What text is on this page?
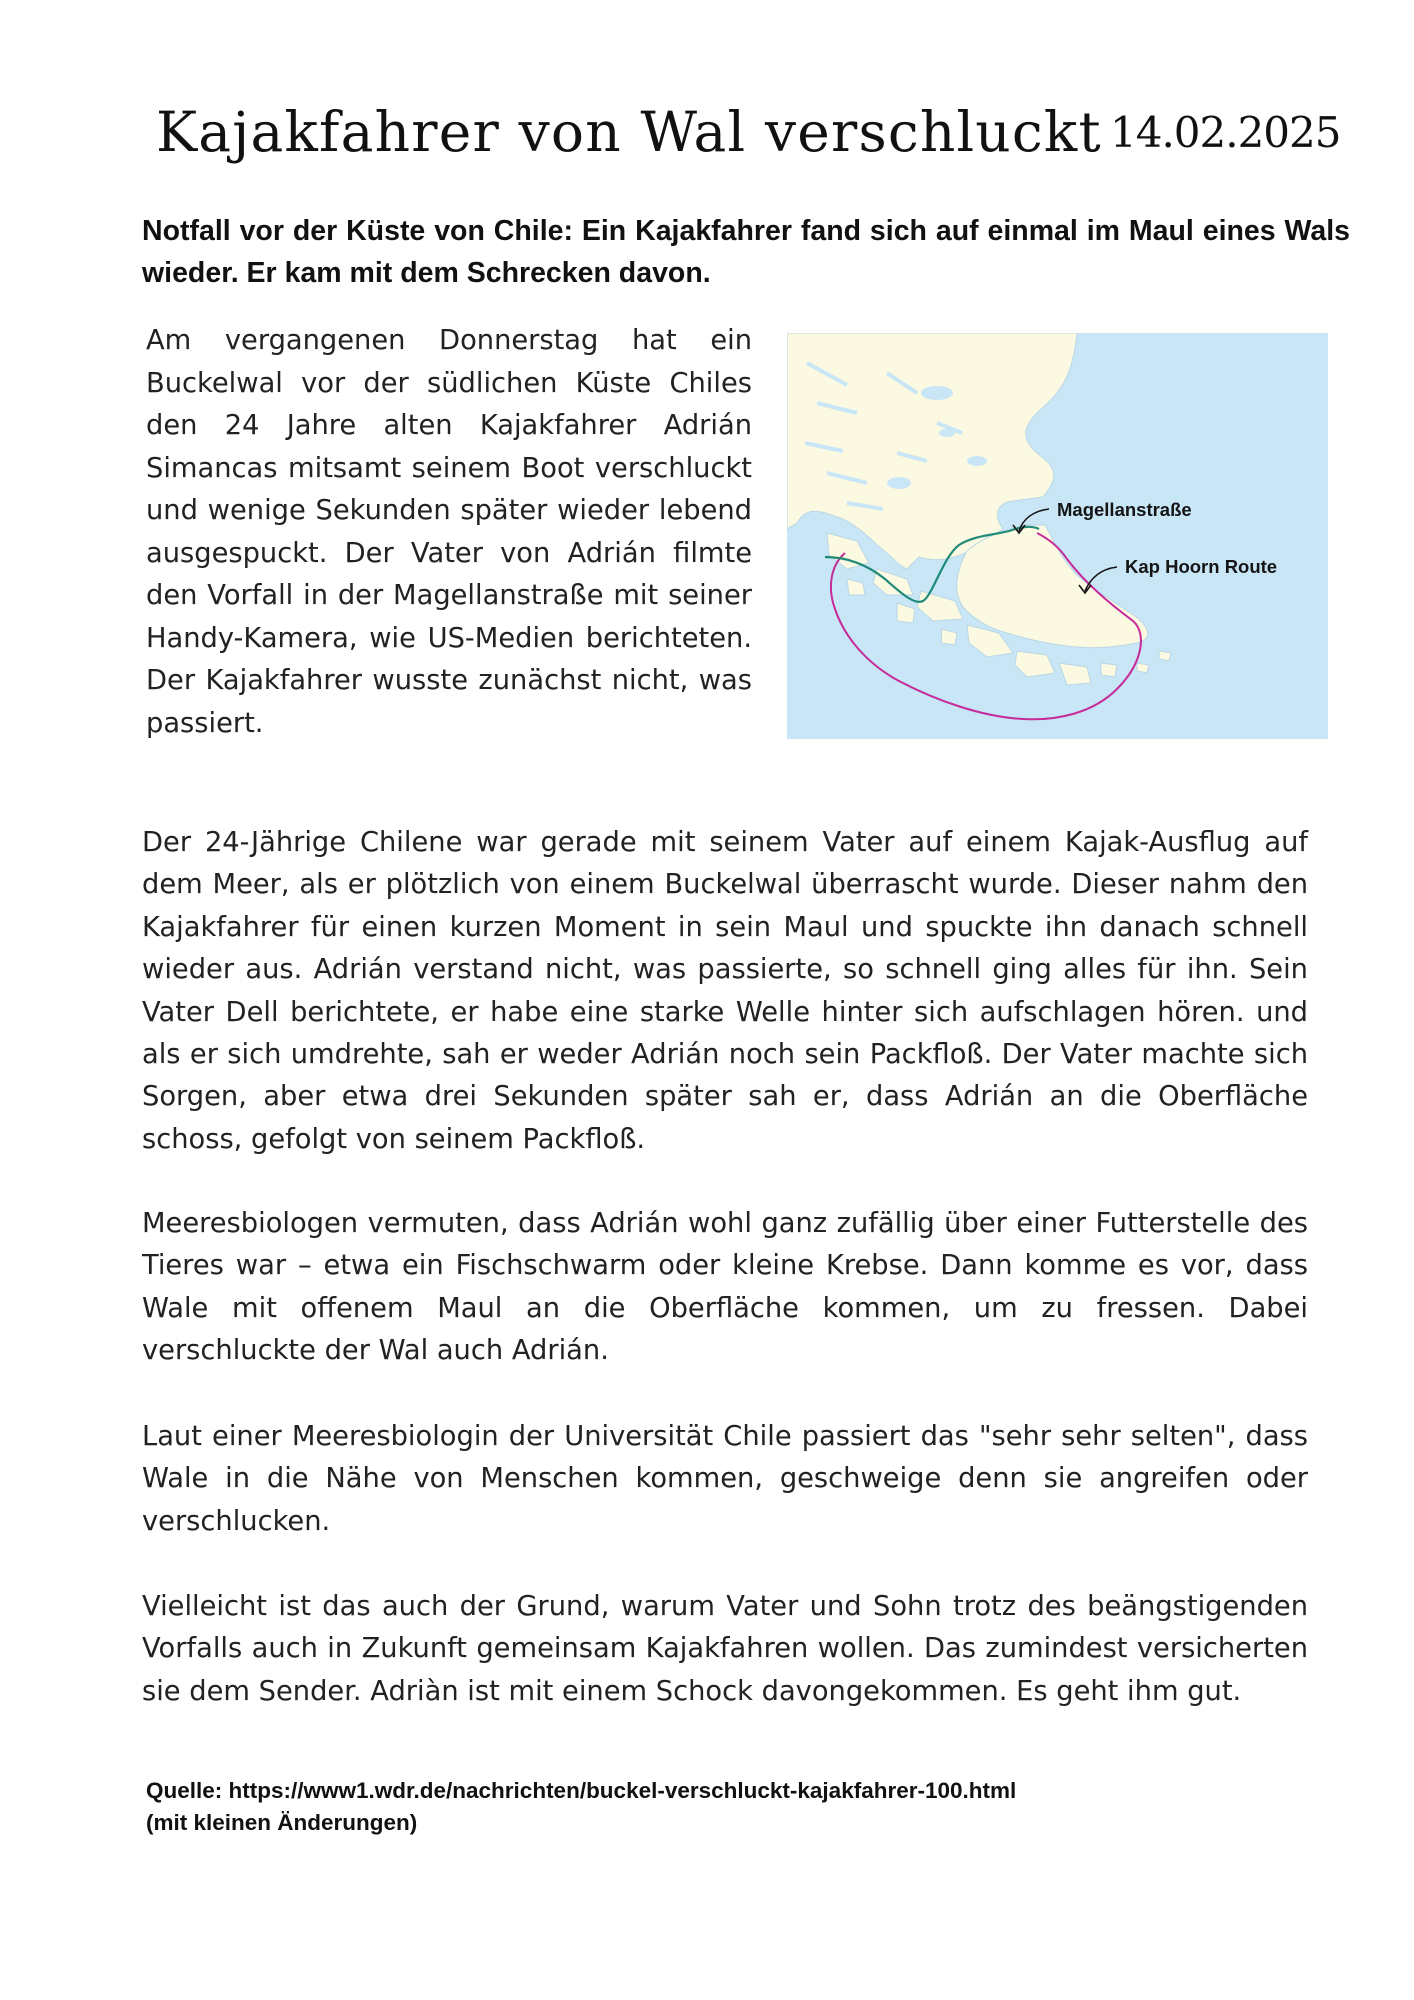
Kajakfahrer von Wal verschluckt 14.02.2025
Notfall vor der Küste von Chile: Ein Kajakfahrer fand sich auf einmal im Maul eines Wals wieder. Er kam mit dem Schrecken davon.
Am vergangenen Donnerstag hat ein Buckelwal vor der südlichen Küste Chiles den 24 Jahre alten Kajakfahrer Adrián Simancas mitsamt seinem Boot verschluckt und wenige Sekunden später wieder lebend ausgespuckt. Der Vater von Adrián filmte den Vorfall in der Magellanstraße mit seiner Handy-Kamera, wie US-Medien berichteten. Der Kajakfahrer wusste zunächst nicht, was passiert.
Magellanstraße
Kap Hoorn Route
Der 24-Jährige Chilene war gerade mit seinem Vater auf einem Kajak-Ausflug auf dem Meer, als er plötzlich von einem Buckelwal überrascht wurde. Dieser nahm den Kajakfahrer für einen kurzen Moment in sein Maul und spuckte ihn danach schnell wieder aus. Adrián verstand nicht, was passierte, so schnell ging alles für ihn. Sein Vater Dell berichtete, er habe eine starke Welle hinter sich aufschlagen hören. und als er sich umdrehte, sah er weder Adrián noch sein Packfloß. Der Vater machte sich Sorgen, aber etwa drei Sekunden später sah er, dass Adrián an die Oberfläche schoss, gefolgt von seinem Packfloß.
Meeresbiologen vermuten, dass Adrián wohl ganz zufällig über einer Futterstelle des Tieres war – etwa ein Fischschwarm oder kleine Krebse. Dann komme es vor, dass Wale mit offenem Maul an die Oberfläche kommen, um zu fressen. Dabei verschluckte der Wal auch Adrián.
Laut einer Meeresbiologin der Universität Chile passiert das "sehr sehr selten", dass Wale in die Nähe von Menschen kommen, geschweige denn sie angreifen oder verschlucken.
Vielleicht ist das auch der Grund, warum Vater und Sohn trotz des beängstigenden Vorfalls auch in Zukunft gemeinsam Kajakfahren wollen. Das zumindest versicherten sie dem Sender. Adriàn ist mit einem Schock davongekommen. Es geht ihm gut.
Quelle: https://www1.wdr.de/nachrichten/buckel-verschluckt-kajakfahrer-100.html
(mit kleinen Änderungen)
